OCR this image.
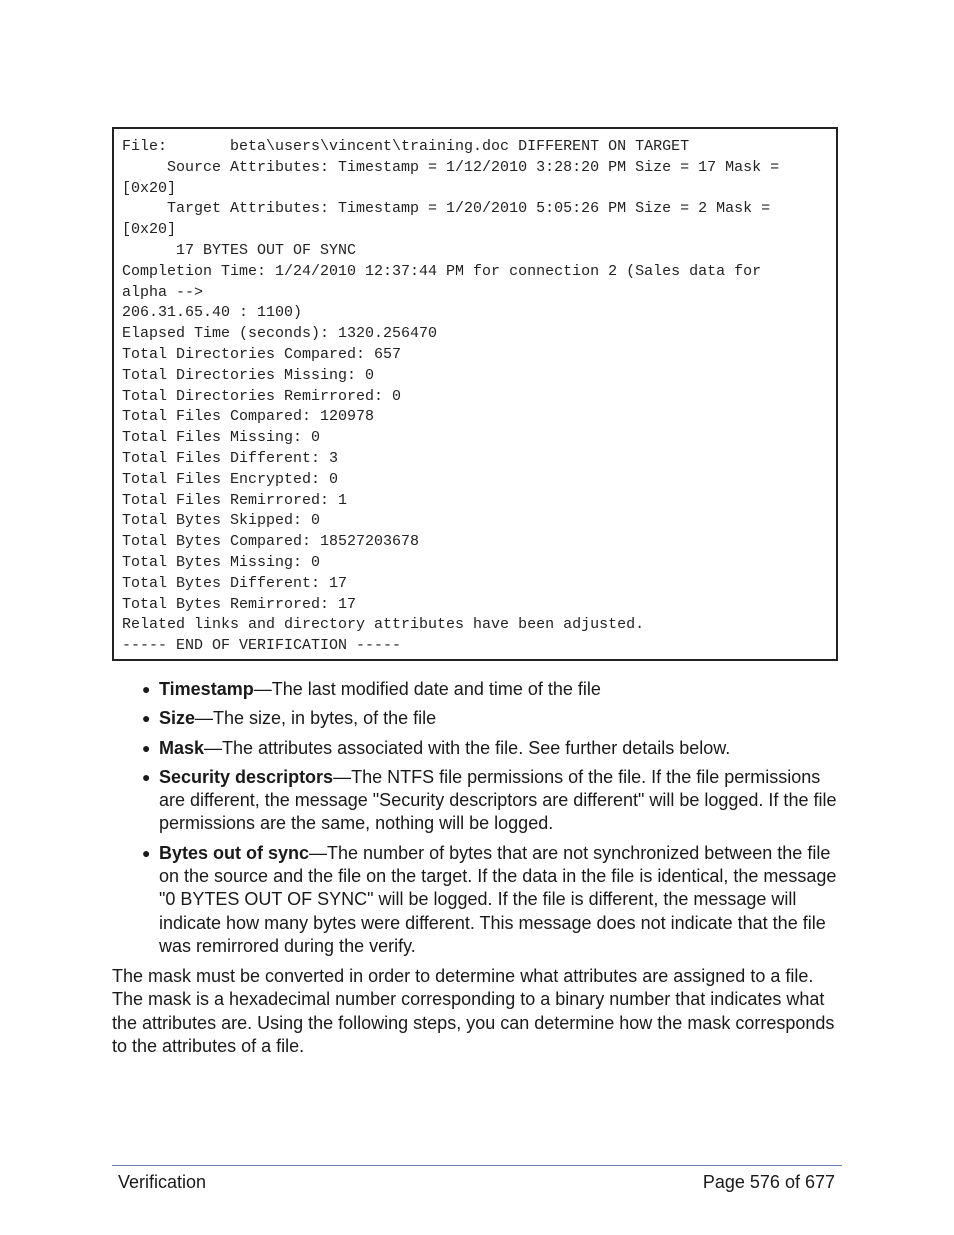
File:       beta\users\vincent\training.doc DIFFERENT ON TARGET
Source Attributes: Timestamp = 1/12/2010 3:28:20 PM Size = 17 Mask =
[0x20]
Target Attributes: Timestamp = 1/20/2010 5:05:26 PM Size = 2 Mask =
[0x20]
17 BYTES OUT OF SYNC
Completion Time: 1/24/2010 12:37:44 PM for connection 2 (Sales data for
alpha -->
206.31.65.40 : 1100)
Elapsed Time (seconds): 1320.256470
Total Directories Compared: 657
Total Directories Missing: 0
Total Directories Remirrored: 0
Total Files Compared: 120978
Total Files Missing: 0
Total Files Different: 3
Total Files Encrypted: 0
Total Files Remirrored: 1
Total Bytes Skipped: 0
Total Bytes Compared: 18527203678
Total Bytes Missing: 0
Total Bytes Different: 17
Total Bytes Remirrored: 17
Related links and directory attributes have been adjusted.
----- END OF VERIFICATION -----
● Timestamp—The last modified date and time of the file
● Size—The size, in bytes, of the file
● Mask—The attributes associated with the file. See further details below.
● Security descriptors—The NTFS file permissions of the file. If the file permissions are different, the message "Security descriptors are different" will be logged. If the file permissions are the same, nothing will be logged.
● Bytes out of sync—The number of bytes that are not synchronized between the file on the source and the file on the target. If the data in the file is identical, the message "0 BYTES OUT OF SYNC" will be logged. If the file is different, the message will indicate how many bytes were different. This message does not indicate that the file was remirrored during the verify.

The mask must be converted in order to determine what attributes are assigned to a file. The mask is a hexadecimal number corresponding to a binary number that indicates what the attributes are. Using the following steps, you can determine how the mask corresponds to the attributes of a file.

Verification	Page 576 of 677
